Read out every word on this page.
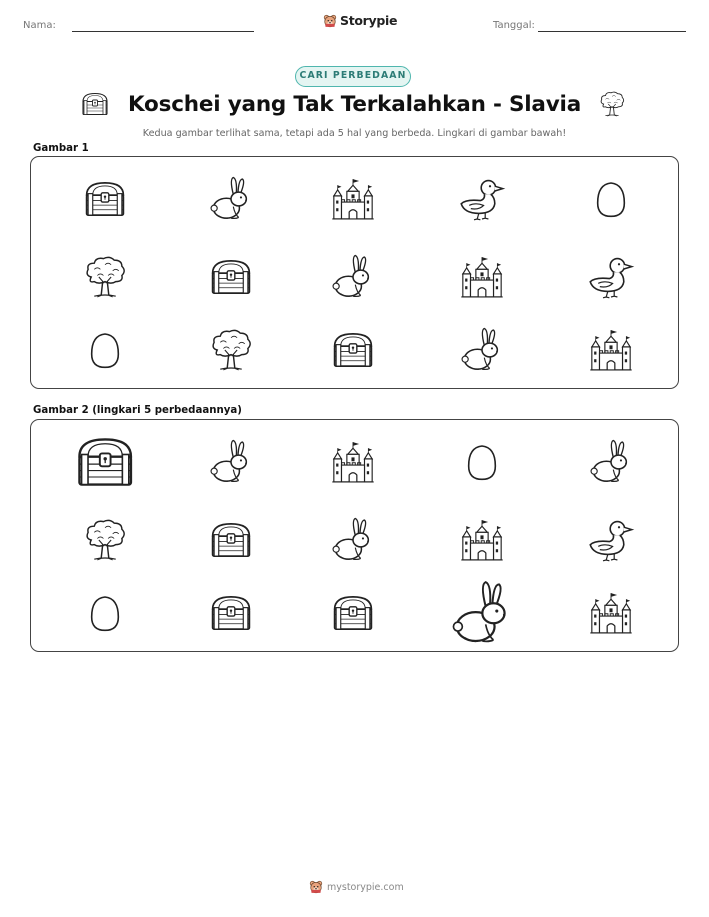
Nama:	Storypie	Tanggal:
CARI PERBEDAAN
Koschei yang Tak Terkalahkan - Slavia
Kedua gambar terlihat sama, tetapi ada 5 hal yang berbeda. Lingkari di gambar bawah!
Gambar 1
Gambar 2 (lingkari 5 perbedaannya)
mystorypie.com
